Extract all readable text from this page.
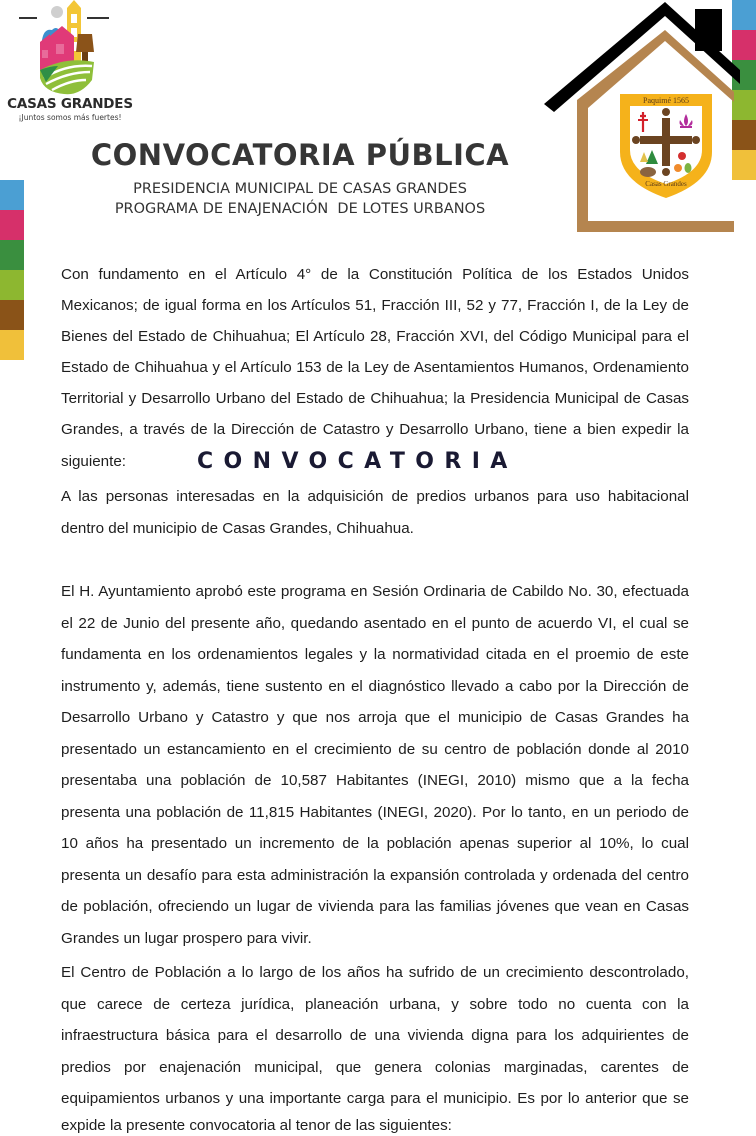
CASAS GRANDES
¡Juntos somos más fuertes!
Paquimé 1565
Casas Grandes
CONVOCATORIA PÚBLICA
PRESIDENCIA MUNICIPAL DE CASAS GRANDES
PROGRAMA DE ENAJENACIÓN  DE LOTES URBANOS
Con fundamento en el Artículo 4° de la Constitución Política de los Estados Unidos
Mexicanos; de igual forma en los Artículos 51, Fracción III, 52 y 77, Fracción I, de la Ley de
Bienes del Estado de Chihuahua; El Artículo 28, Fracción XVI, del Código Municipal para el
Estado de Chihuahua y el Artículo 153 de la Ley de Asentamientos Humanos, Ordenamiento
Territorial y Desarrollo Urbano del Estado de Chihuahua; la Presidencia Municipal de Casas
Grandes, a través de la Dirección de Catastro y Desarrollo Urbano, tiene a bien expedir la
siguiente:	CONVOCATORIA
A las personas interesadas en la adquisición de predios urbanos para uso habitacional
dentro del municipio de Casas Grandes, Chihuahua.
El H. Ayuntamiento aprobó este programa en Sesión Ordinaria de Cabildo No. 30, efectuada
el 22 de Junio del presente año, quedando asentado en el punto de acuerdo VI, el cual se
fundamenta en los ordenamientos legales y la normatividad citada en el proemio de este
instrumento y, además, tiene sustento en el diagnóstico llevado a cabo por la Dirección de
Desarrollo Urbano y Catastro y que nos arroja que el municipio de Casas Grandes ha
presentado un estancamiento en el crecimiento de su centro de población donde al 2010
presentaba una población de 10,587 Habitantes (INEGI, 2010) mismo que a la fecha
presenta una población de 11,815 Habitantes (INEGI, 2020). Por lo tanto, en un periodo de
10 años ha presentado un incremento de la población apenas superior al 10%, lo cual
presenta un desafío para esta administración la expansión controlada y ordenada del centro
de población, ofreciendo un lugar de vivienda para las familias jóvenes que vean en Casas
Grandes un lugar prospero para vivir.
El Centro de Población a lo largo de los años ha sufrido de un crecimiento descontrolado,
que carece de certeza jurídica, planeación urbana, y sobre todo no cuenta con la
infraestructura básica para el desarrollo de una vivienda digna para los adquirientes de
predios por enajenación municipal, que genera colonias marginadas, carentes de
equipamientos urbanos y una importante carga para el municipio. Es por lo anterior que se
expide la presente convocatoria al tenor de las siguientes:
